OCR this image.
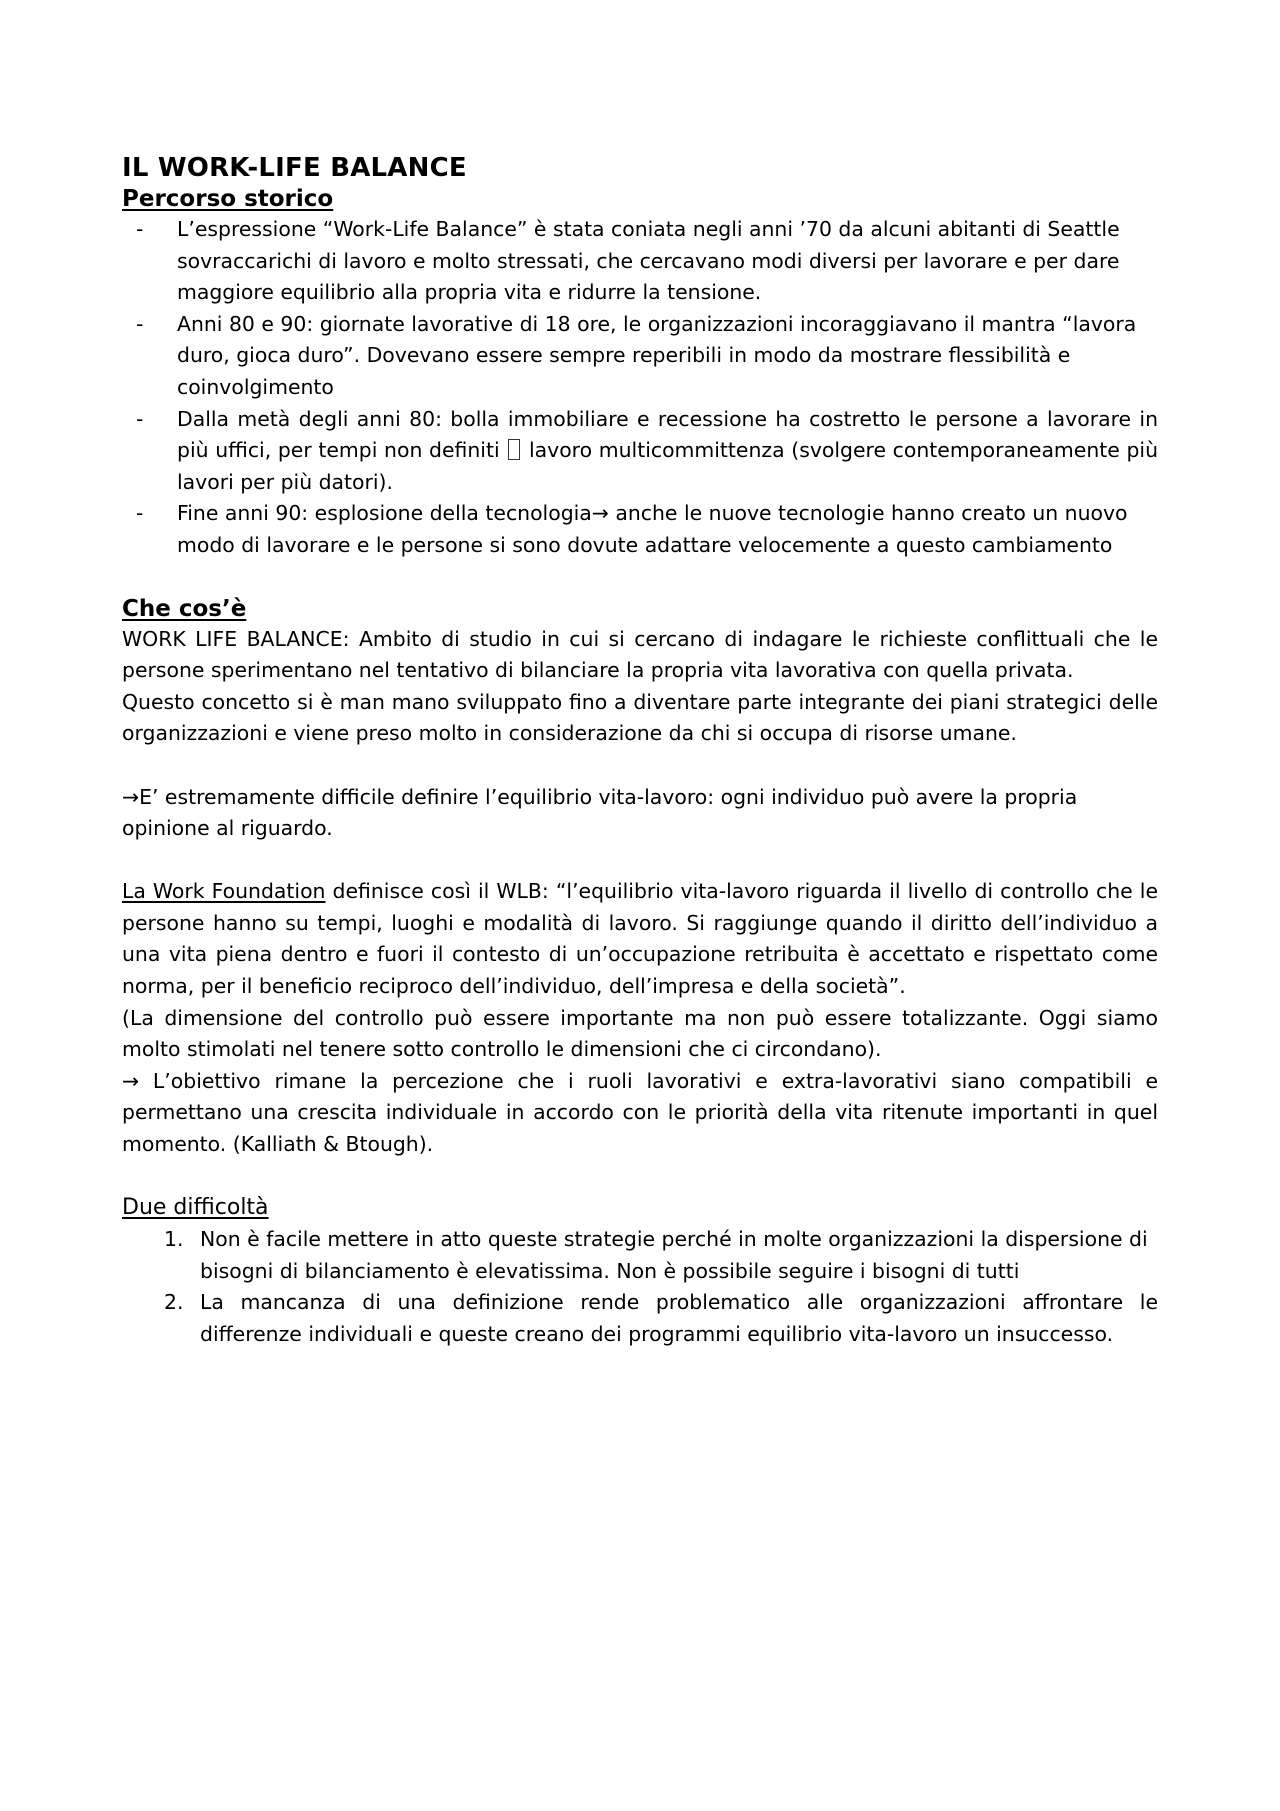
IL WORK-LIFE BALANCE
Percorso storico
- L’espressione “Work-Life Balance” è stata coniata negli anni ’70 da alcuni abitanti di Seattle sovraccarichi di lavoro e molto stressati, che cercavano modi diversi per lavorare e per dare maggiore equilibrio alla propria vita e ridurre la tensione.
- Anni 80 e 90: giornate lavorative di 18 ore, le organizzazioni incoraggiavano il mantra “lavora duro, gioca duro”. Dovevano essere sempre reperibili in modo da mostrare flessibilità e coinvolgimento
- Dalla metà degli anni 80: bolla immobiliare e recessione ha costretto le persone a lavorare in più uffici, per tempi non definiti lavoro multicommittenza (svolgere contemporaneamente più lavori per più datori).
- Fine anni 90: esplosione della tecnologia→ anche le nuove tecnologie hanno creato un nuovo modo di lavorare e le persone si sono dovute adattare velocemente a questo cambiamento
Che cos’è

WORK LIFE BALANCE: Ambito di studio in cui si cercano di indagare le richieste conflittuali che le persone sperimentano nel tentativo di bilanciare la propria vita lavorativa con quella privata.

Questo concetto si è man mano sviluppato fino a diventare parte integrante dei piani strategici delle organizzazioni e viene preso molto in considerazione da chi si occupa di risorse umane.

→E’ estremamente difficile definire l’equilibrio vita-lavoro: ogni individuo può avere la propria opinione al riguardo.

La Work Foundation definisce così il WLB: “l’equilibrio vita-lavoro riguarda il livello di controllo che le persone hanno su tempi, luoghi e modalità di lavoro. Si raggiunge quando il diritto dell’individuo a una vita piena dentro e fuori il contesto di un’occupazione retribuita è accettato e rispettato come norma, per il beneficio reciproco dell’individuo, dell’impresa e della società”.

(La dimensione del controllo può essere importante ma non può essere totalizzante. Oggi siamo molto stimolati nel tenere sotto controllo le dimensioni che ci circondano).

→ L’obiettivo rimane la percezione che i ruoli lavorativi e extra-lavorativi siano compatibili e permettano una crescita individuale in accordo con le priorità della vita ritenute importanti in quel momento. (Kalliath & Btough).

Due difficoltà
1. Non è facile mettere in atto queste strategie perché in molte organizzazioni la dispersione di bisogni di bilanciamento è elevatissima. Non è possibile seguire i bisogni di tutti
2. La mancanza di una definizione rende problematico alle organizzazioni affrontare le differenze individuali e queste creano dei programmi equilibrio vita-lavoro un insuccesso.
